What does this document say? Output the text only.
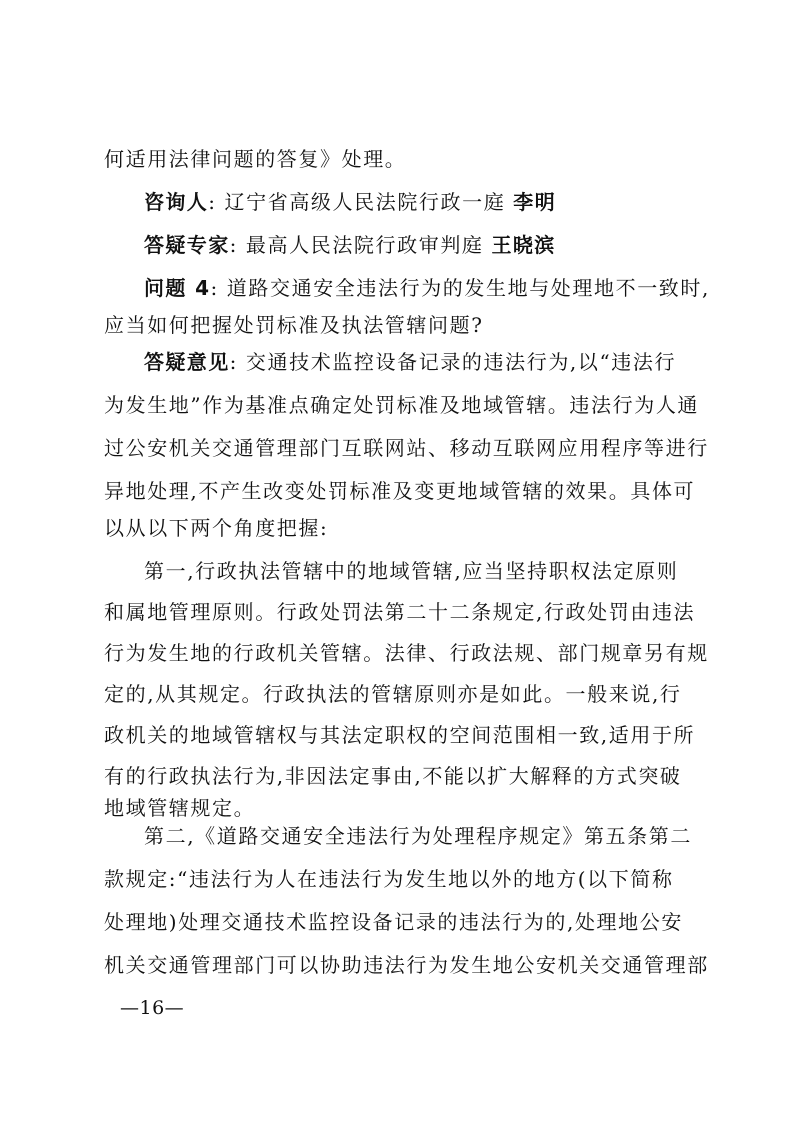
何适用法律问题的答复》处理。
咨询人: 辽宁省高级人民法院行政一庭 李明
答疑专家: 最高人民法院行政审判庭 王晓滨
问题 4: 道路交通安全违法行为的发生地与处理地不一致时,
应当如何把握处罚标准及执法管辖问题?
答疑意见: 交通技术监控设备记录的违法行为,以“违法行
为发生地”作为基准点确定处罚标准及地域管辖。违法行为人通
过公安机关交通管理部门互联网站、移动互联网应用程序等进行
异地处理,不产生改变处罚标准及变更地域管辖的效果。具体可
以从以下两个角度把握:
第一,行政执法管辖中的地域管辖,应当坚持职权法定原则
和属地管理原则。行政处罚法第二十二条规定,行政处罚由违法
行为发生地的行政机关管辖。法律、行政法规、部门规章另有规
定的,从其规定。行政执法的管辖原则亦是如此。一般来说,行
政机关的地域管辖权与其法定职权的空间范围相一致,适用于所
有的行政执法行为,非因法定事由,不能以扩大解释的方式突破
地域管辖规定。
第二,《道路交通安全违法行为处理程序规定》第五条第二
款规定:“违法行为人在违法行为发生地以外的地方(以下简称
处理地)处理交通技术监控设备记录的违法行为的,处理地公安
机关交通管理部门可以协助违法行为发生地公安机关交通管理部
—16—
